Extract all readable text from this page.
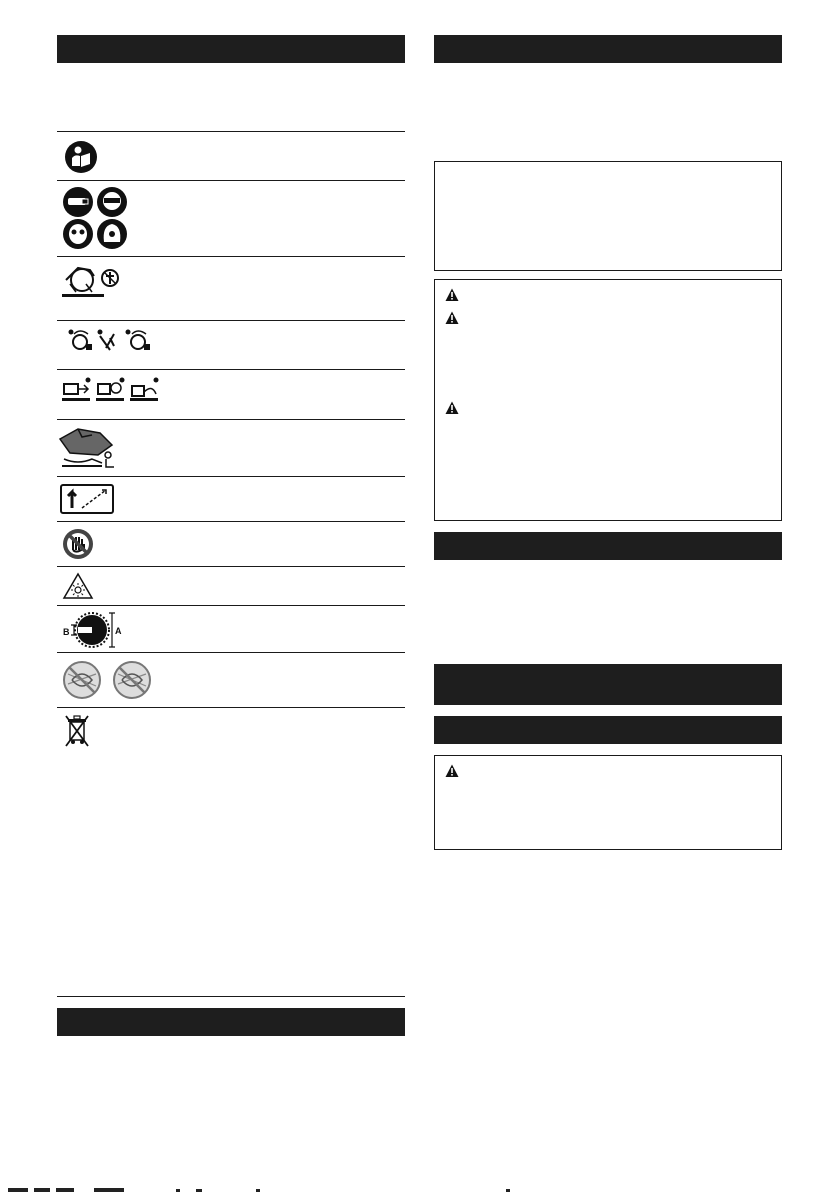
B	A
